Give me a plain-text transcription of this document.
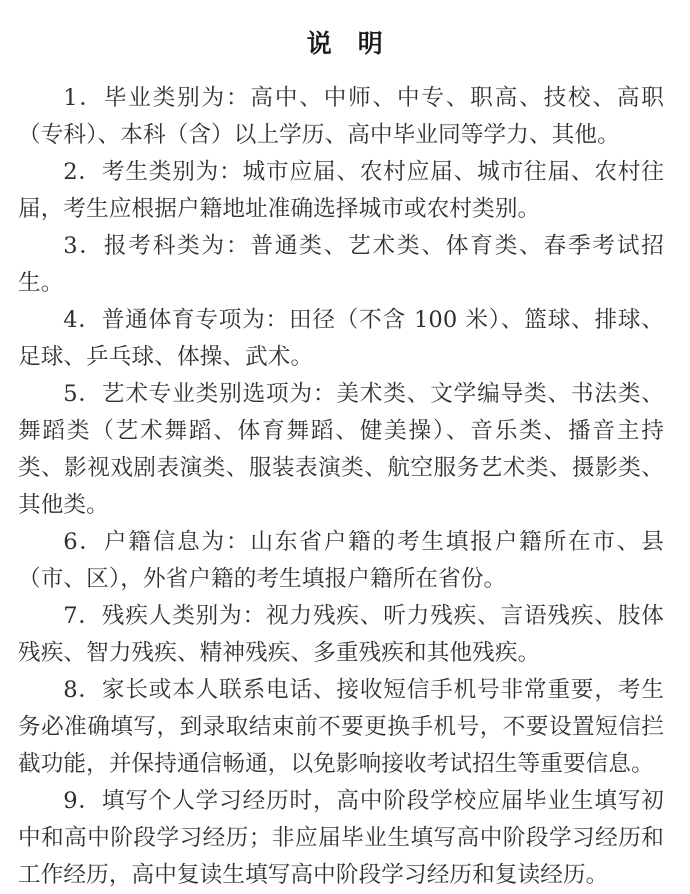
说　明

1．毕业类别为：高中、中师、中专、职高、技校、高职（专科）、本科（含）以上学历、高中毕业同等学力、其他。

2．考生类别为：城市应届、农村应届、城市往届、农村往届，考生应根据户籍地址准确选择城市或农村类别。

3．报考科类为：普通类、艺术类、体育类、春季考试招生。

4．普通体育专项为：田径（不含 100 米）、篮球、排球、足球、乒乓球、体操、武术。

5．艺术专业类别选项为：美术类、文学编导类、书法类、舞蹈类（艺术舞蹈、体育舞蹈、健美操）、音乐类、播音主持类、影视戏剧表演类、服装表演类、航空服务艺术类、摄影类、其他类。

6．户籍信息为：山东省户籍的考生填报户籍所在市、县（市、区），外省户籍的考生填报户籍所在省份。

7．残疾人类别为：视力残疾、听力残疾、言语残疾、肢体残疾、智力残疾、精神残疾、多重残疾和其他残疾。

8．家长或本人联系电话、接收短信手机号非常重要，考生务必准确填写，到录取结束前不要更换手机号，不要设置短信拦截功能，并保持通信畅通，以免影响接收考试招生等重要信息。

9．填写个人学习经历时，高中阶段学校应届毕业生填写初中和高中阶段学习经历；非应届毕业生填写高中阶段学习经历和工作经历，高中复读生填写高中阶段学习经历和复读经历。
